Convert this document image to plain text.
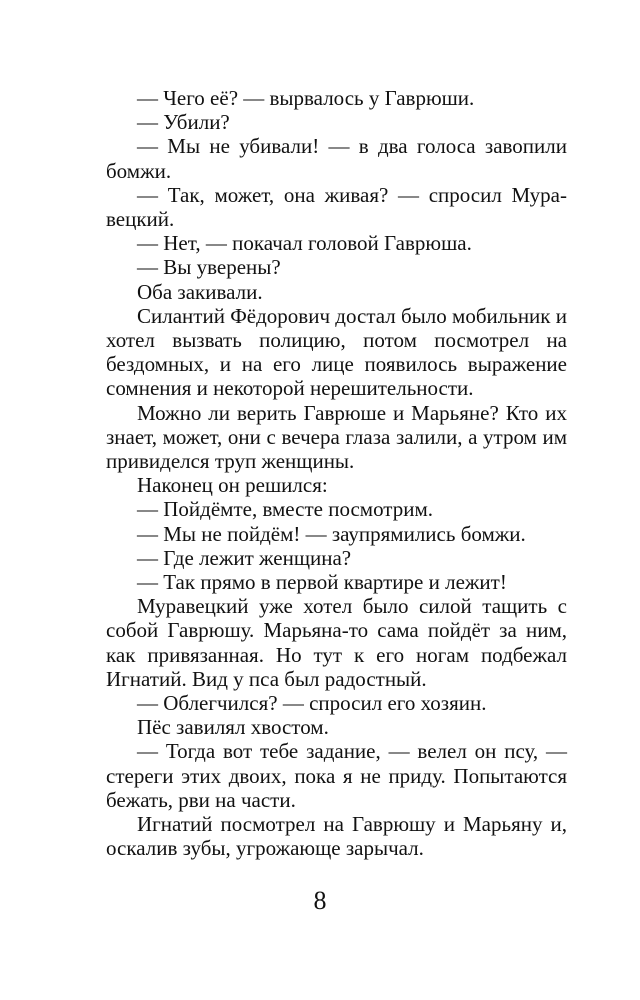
— Чего её? — вырвалось у Гаврюши.

— Убили?

— Мы не убивали! — в два голоса завопили бомжи.

— Так, может, она живая? — спросил Муравецкий.

— Нет, — покачал головой Гаврюша.

— Вы уверены?

Оба закивали.

Силантий Фёдорович достал было мобильник и хотел вызвать полицию, потом посмотрел на бездомных, и на его лице появилось выражение сомнения и некоторой нерешительности.

Можно ли верить Гаврюше и Марьяне? Кто их знает, может, они с вечера глаза залили, а утром им привиделся труп женщины.

Наконец он решился:

— Пойдёмте, вместе посмотрим.

— Мы не пойдём! — заупрямились бомжи.

— Где лежит женщина?

— Так прямо в первой квартире и лежит!

Муравецкий уже хотел было силой тащить с собой Гаврюшу. Марьяна-то сама пойдёт за ним, как привязанная. Но тут к его ногам подбежал Игнатий. Вид у пса был радостный.

— Облегчился? — спросил его хозяин.

Пёс завилял хвостом.

— Тогда вот тебе задание, — велел он псу, — стереги этих двоих, пока я не приду. Попытаются бежать, рви на части.

Игнатий посмотрел на Гаврюшу и Марьяну и, оскалив зубы, угрожающе зарычал.

8
